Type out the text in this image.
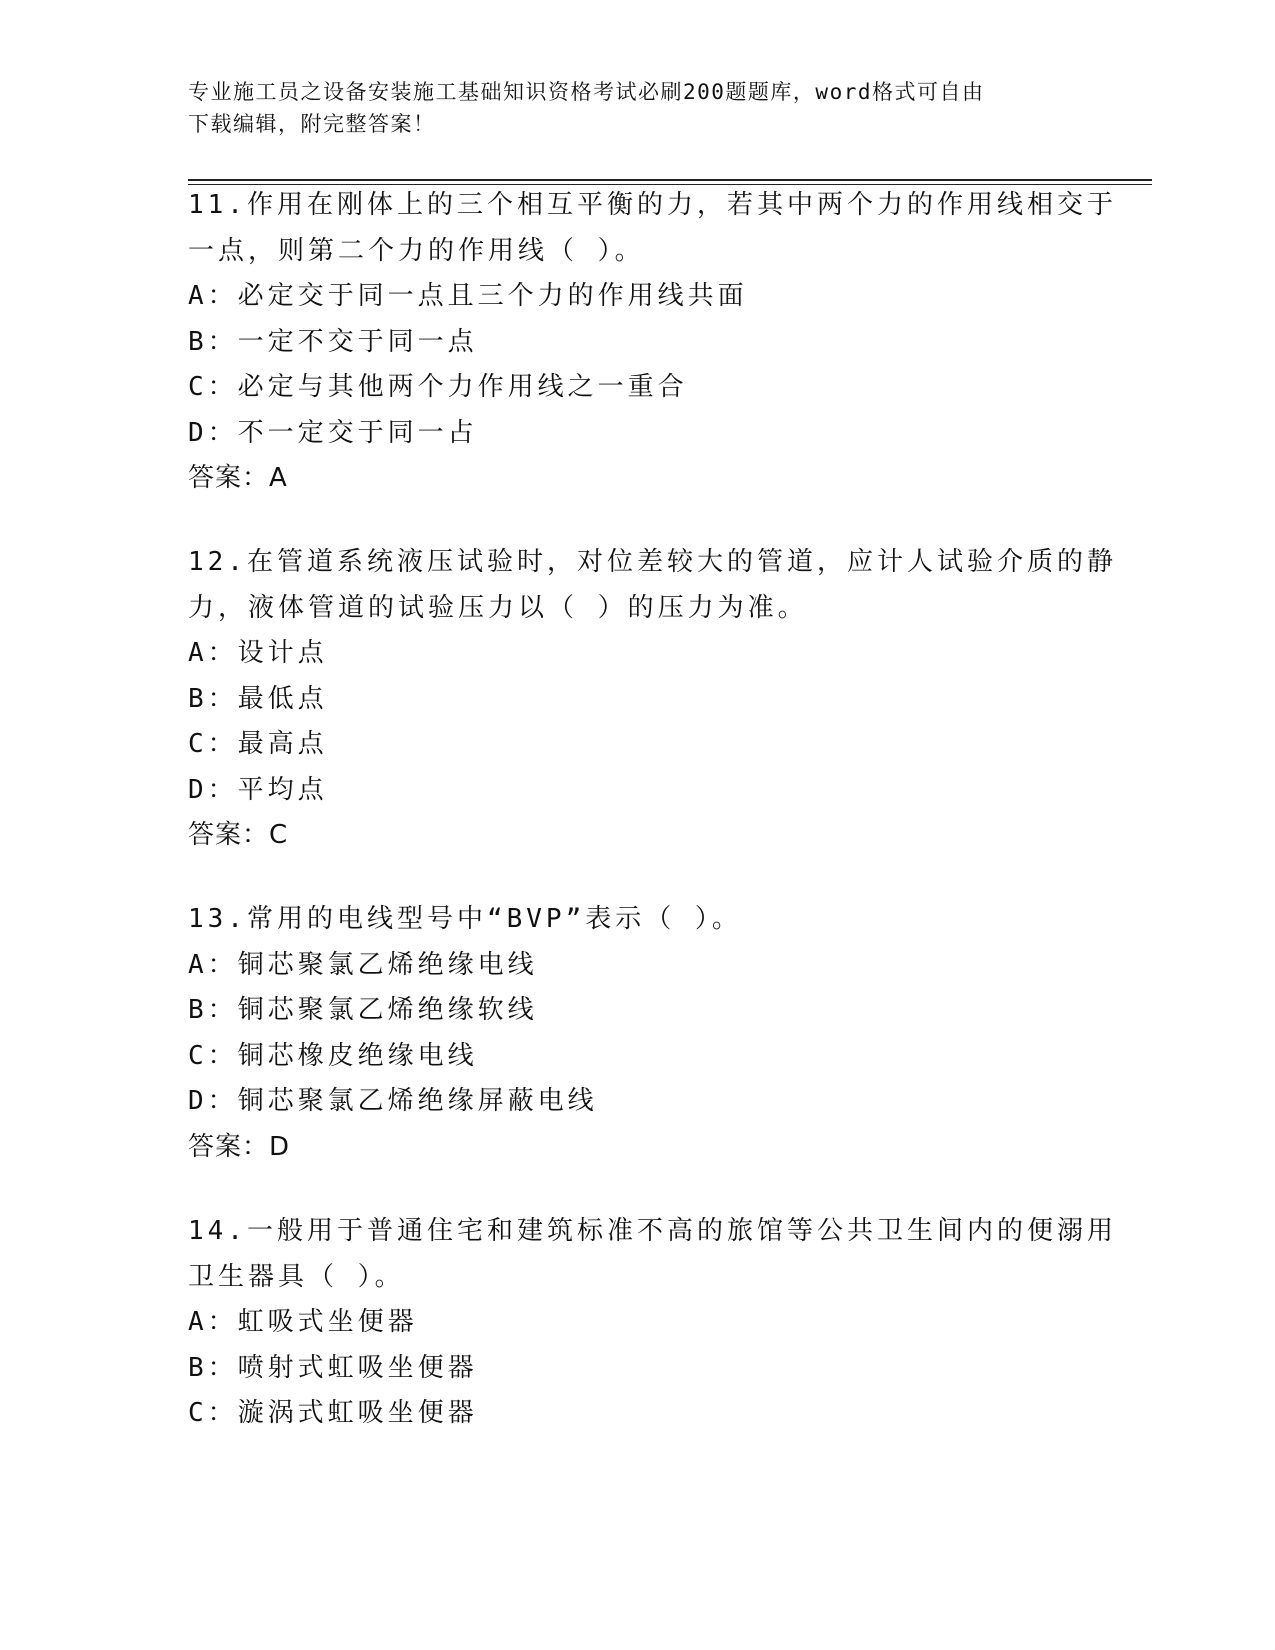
专业施工员之设备安装施工基础知识资格考试必刷200题题库，word格式可自由
下载编辑，附完整答案！
11.作用在刚体上的三个相互平衡的力，若其中两个力的作用线相交于
一点，则第二个力的作用线（ ）。
A：必定交于同一点且三个力的作用线共面
B：一定不交于同一点
C：必定与其他两个力作用线之一重合
D：不一定交于同一占
答案：A
12.在管道系统液压试验时，对位差较大的管道，应计人试验介质的静
力，液体管道的试验压力以（ ）的压力为准。
A：设计点
B：最低点
C：最高点
D：平均点
答案：C
13.常用的电线型号中“BVP”表示（ ）。
A：铜芯聚氯乙烯绝缘电线
B：铜芯聚氯乙烯绝缘软线
C：铜芯橡皮绝缘电线
D：铜芯聚氯乙烯绝缘屏蔽电线
答案：D
14.一般用于普通住宅和建筑标准不高的旅馆等公共卫生间内的便溺用
卫生器具（ ）。
A：虹吸式坐便器
B：喷射式虹吸坐便器
C：漩涡式虹吸坐便器
